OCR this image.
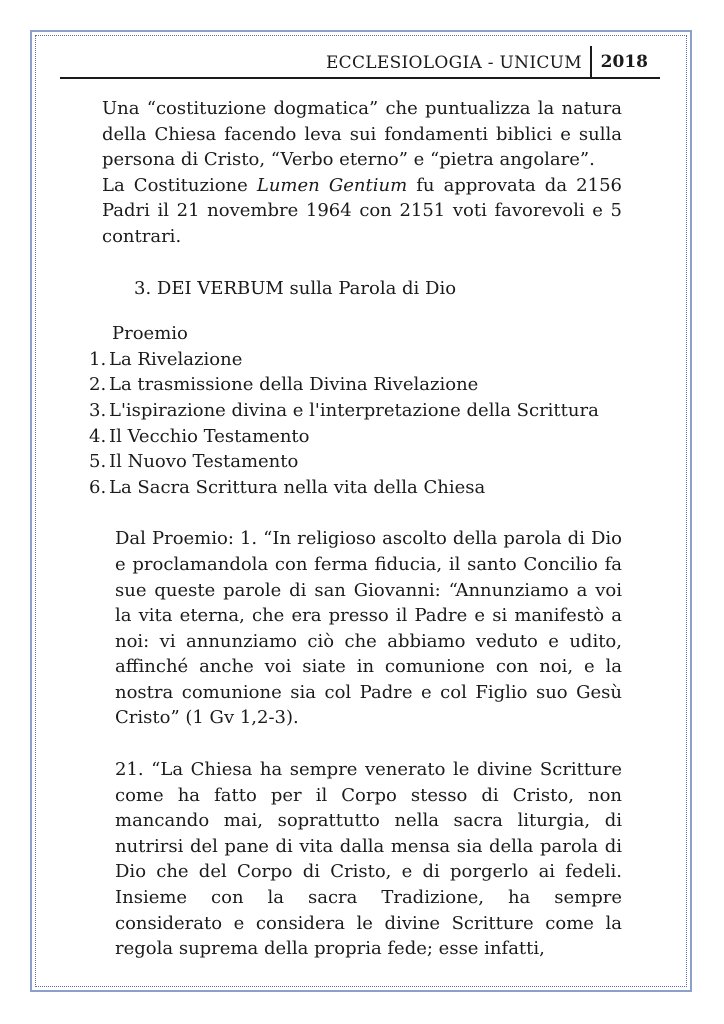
ECCLESIOLOGIA - UNICUM 2018

Una “costituzione dogmatica” che puntualizza la natura della Chiesa facendo leva sui fondamenti biblici e sulla persona di Cristo, “Verbo eterno” e “pietra angolare”.

La Costituzione Lumen Gentium fu approvata da 2156 Padri il 21 novembre 1964 con 2151 voti favorevoli e 5 contrari.

3. DEI VERBUM sulla Parola di Dio

Proemio

1. La Rivelazione
2. La trasmissione della Divina Rivelazione
3. L'ispirazione divina e l'interpretazione della Scrittura
4. Il Vecchio Testamento
5. Il Nuovo Testamento
6. La Sacra Scrittura nella vita della Chiesa

Dal Proemio: 1. “In religioso ascolto della parola di Dio e proclamandola con ferma fiducia, il santo Concilio fa sue queste parole di san Giovanni: “Annunziamo a voi la vita eterna, che era presso il Padre e si manifestò a noi: vi annunziamo ciò che abbiamo veduto e udito, affinché anche voi siate in comunione con noi, e la nostra comunione sia col Padre e col Figlio suo Gesù Cristo” (1 Gv 1,2-3).

21. “La Chiesa ha sempre venerato le divine Scritture come ha fatto per il Corpo stesso di Cristo, non mancando mai, soprattutto nella sacra liturgia, di nutrirsi del pane di vita dalla mensa sia della parola di Dio che del Corpo di Cristo, e di porgerlo ai fedeli. Insieme con la sacra Tradizione, ha sempre considerato e considera le divine Scritture come la regola suprema della propria fede; esse infatti,
